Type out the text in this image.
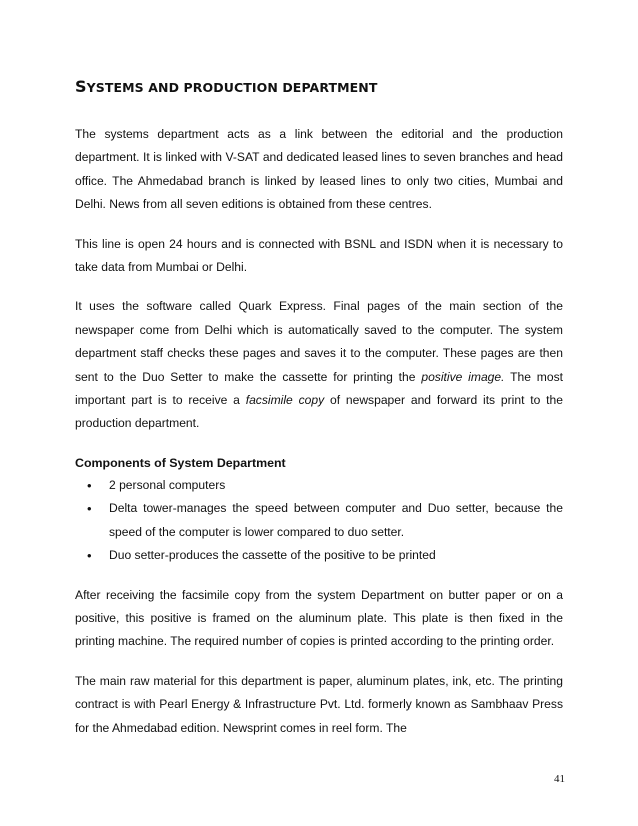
SYSTEMS AND PRODUCTION DEPARTMENT

The systems department acts as a link between the editorial and the production department. It is linked with V-SAT and dedicated leased lines to seven branches and head office. The Ahmedabad branch is linked by leased lines to only two cities, Mumbai and Delhi. News from all seven editions is obtained from these centres.

This line is open 24 hours and is connected with BSNL and ISDN when it is necessary to take data from Mumbai or Delhi.

It uses the software called Quark Express. Final pages of the main section of the newspaper come from Delhi which is automatically saved to the computer. The system department staff checks these pages and saves it to the computer. These pages are then sent to the Duo Setter to make the cassette for printing the positive image. The most important part is to receive a facsimile copy of newspaper and forward its print to the production department.

Components of System Department
• 2 personal computers
• Delta tower-manages the speed between computer and Duo setter, because the speed of the computer is lower compared to duo setter.
• Duo setter-produces the cassette of the positive to be printed

After receiving the facsimile copy from the system Department on butter paper or on a positive, this positive is framed on the aluminum plate. This plate is then fixed in the printing machine. The required number of copies is printed according to the printing order.

The main raw material for this department is paper, aluminum plates, ink, etc. The printing contract is with Pearl Energy & Infrastructure Pvt. Ltd. formerly known as Sambhaav Press for the Ahmedabad edition. Newsprint comes in reel form. The

41
